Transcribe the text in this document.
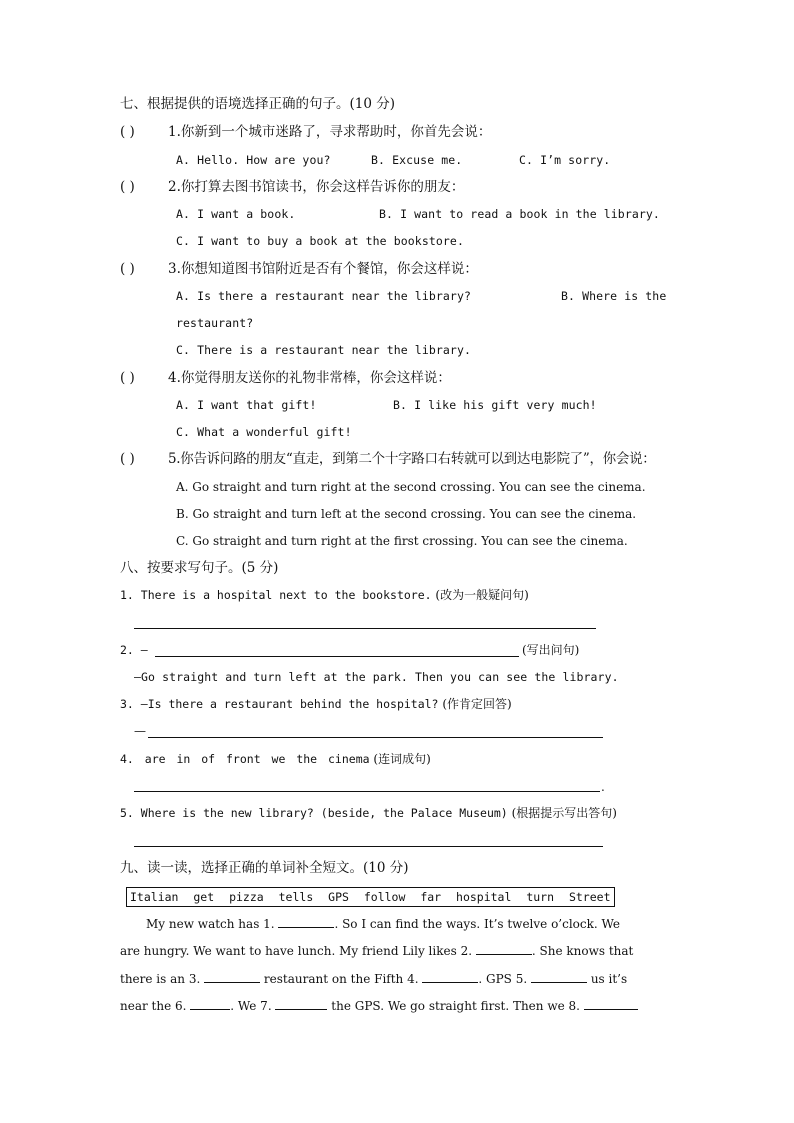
七、根据提供的语境选择正确的句子。(10 分)
( ) 1.你新到一个城市迷路了，寻求帮助时，你首先会说：
A. Hello. How are you?	B. Excuse me.	C. I’m sorry.
( ) 2.你打算去图书馆读书，你会这样告诉你的朋友：
A. I want a book.	B. I want to read a book in the library.
C. I want to buy a book at the bookstore.
( ) 3.你想知道图书馆附近是否有个餐馆，你会这样说：
A. Is there a restaurant near the library?	B. Where is the
restaurant?
C. There is a restaurant near the library.
( ) 4.你觉得朋友送你的礼物非常棒，你会这样说：
A. I want that gift!	B. I like his gift very much!
C. What a wonderful gift!
( ) 5.你告诉问路的朋友“直走，到第二个十字路口右转就可以到达电影院了”，你会说：
A. Go straight and turn right at the second crossing. You can see the cinema.
B. Go straight and turn left at the second crossing. You can see the cinema.
C. Go straight and turn right at the first crossing. You can see the cinema.
八、按要求写句子。(5 分)
1. There is a hospital next to the bookstore. (改为一般疑问句)
2. —	(写出问句)
—Go straight and turn left at the park. Then you can see the library.
3. —Is there a restaurant behind the hospital? (作肯定回答)
—
4. are in of front we the cinema (连词成句)
.
5. Where is the new library? (beside, the Palace Museum) (根据提示写出答句)
九、读一读，选择正确的单词补全短文。(10 分)
Italian get pizza tells GPS follow far hospital turn Street
My new watch has 1.	. So I can find the ways. It’s twelve o’clock. We
are hungry. We want to have lunch. My friend Lily likes 2.	. She knows that
there is an 3.	restaurant on the Fifth 4.	. GPS 5.	us it’s
near the 6.	. We 7.	the GPS. We go straight first. Then we 8.
